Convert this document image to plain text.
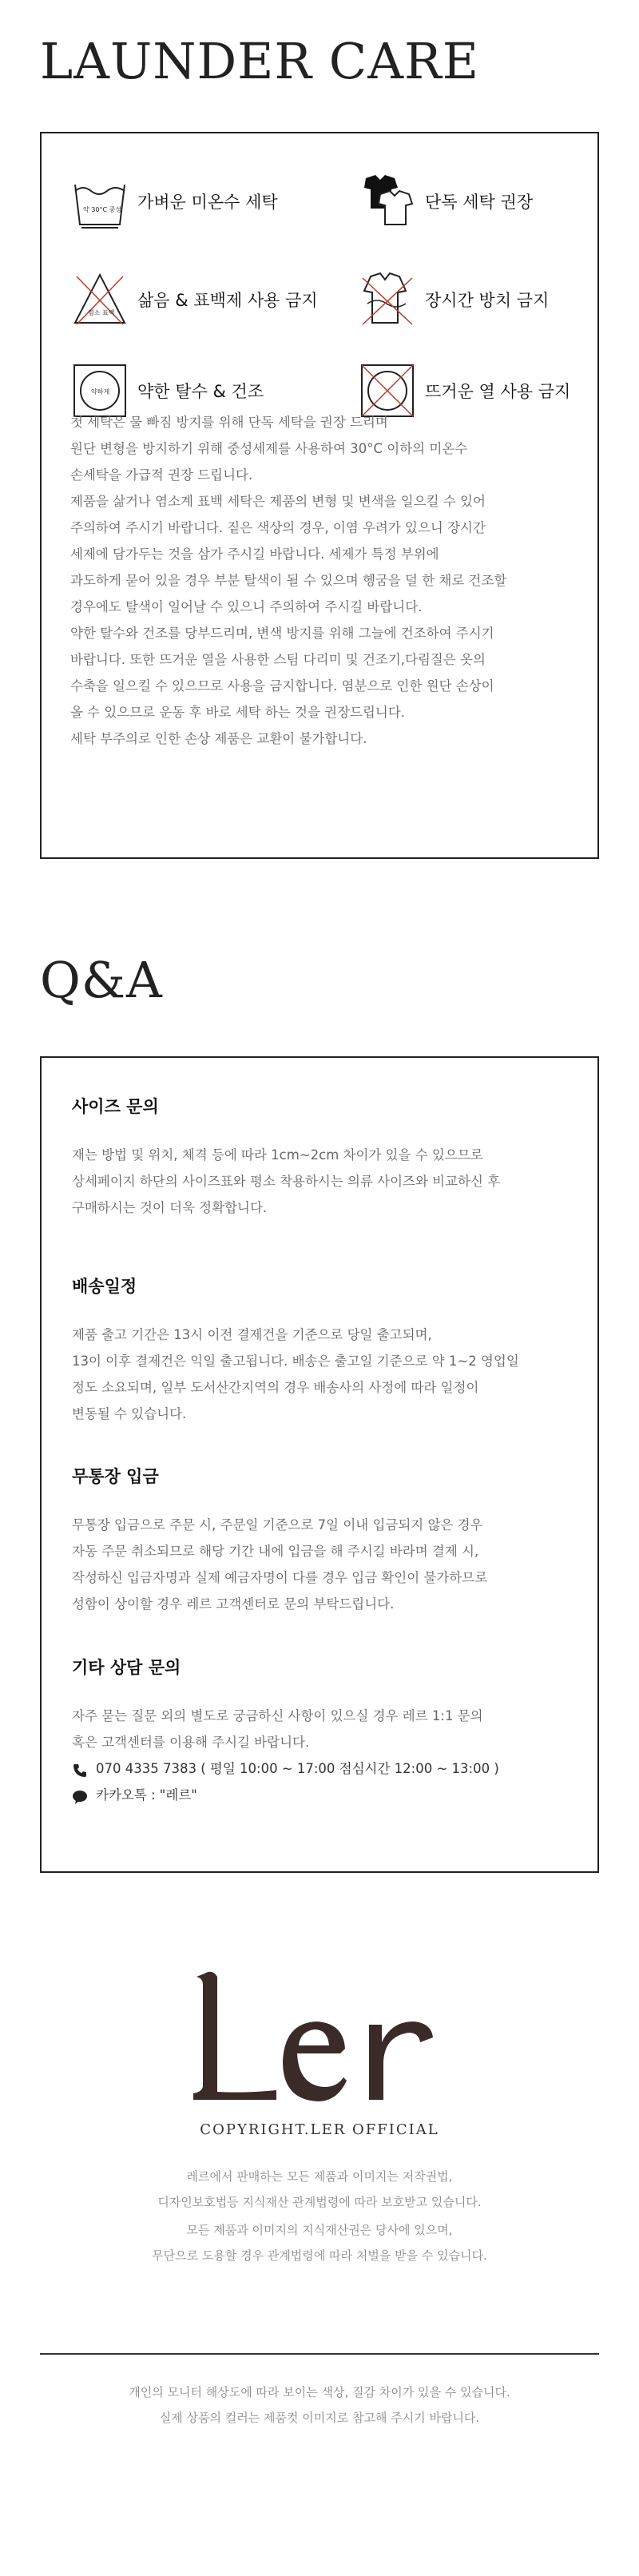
LAUNDER CARE
약 30°C 중성 가벼운 미온수 세탁	단독 세탁 권장
염소 표백
삶음 & 표백제 사용 금지	장시간 방치 금지
약하게 약한 탈수 & 건조	뜨거운 열 사용 금지

첫 세탁은 물 빠짐 방지를 위해 단독 세탁을 권장 드리며

원단 변형을 방지하기 위해 중성세제를 사용하여 30°C 이하의 미온수

손세탁을 가급적 권장 드립니다.

제품을 삶거나 염소계 표백 세탁은 제품의 변형 및 변색을 일으킬 수 있어

주의하여 주시기 바랍니다. 짙은 색상의 경우, 이염 우려가 있으니 장시간

세제에 담가두는 것을 삼가 주시길 바랍니다. 세제가 특정 부위에

과도하게 묻어 있을 경우 부분 탈색이 될 수 있으며 헹굼을 덜 한 채로 건조할

경우에도 탈색이 일어날 수 있으니 주의하여 주시길 바랍니다.

약한 탈수와 건조를 당부드리며, 변색 방지를 위해 그늘에 건조하여 주시기

바랍니다. 또한 뜨거운 열을 사용한 스팀 다리미 및 건조기,다림질은 옷의

수축을 일으킬 수 있으므로 사용을 금지합니다. 염분으로 인한 원단 손상이

올 수 있으므로 운동 후 바로 세탁 하는 것을 권장드립니다.

세탁 부주의로 인한 손상 제품은 교환이 불가합니다.

Q&A
사이즈 문의

재는 방법 및 위치, 체격 등에 따라 1cm~2cm 차이가 있을 수 있으므로

상세페이지 하단의 사이즈표와 평소 착용하시는 의류 사이즈와 비교하신 후

구매하시는 것이 더욱 정확합니다.

배송일정

제품 출고 기간은 13시 이전 결제건을 기준으로 당일 출고되며,

13이 이후 결제건은 익일 출고됩니다. 배송은 출고일 기준으로 약 1~2 영업일

정도 소요되며, 일부 도서산간지역의 경우 배송사의 사정에 따라 일정이

변동될 수 있습니다.

무통장 입금

무통장 입금으로 주문 시, 주문일 기준으로 7일 이내 입금되지 않은 경우

자동 주문 취소되므로 해당 기간 내에 입금을 해 주시길 바라며 결제 시,

작성하신 입금자명과 실제 예금자명이 다를 경우 입금 확인이 불가하므로

성함이 상이할 경우 레르 고객센터로 문의 부탁드립니다.

기타 상담 문의

자주 묻는 질문 외의 별도로 궁금하신 사항이 있으실 경우 레르 1:1 문의

혹은 고객센터를 이용해 주시길 바랍니다.

070 4335 7383 ( 평일 10:00 ~ 17:00 점심시간 12:00 ~ 13:00 )
카카오톡 : "레르"
COPYRIGHT.LER OFFICIAL

레르에서 판매하는 모든 제품과 이미지는 저작권법,

디자인보호법등 지식재산 관계법령에 따라 보호받고 있습니다.

모든 제품과 이미지의 지식재산권은 당사에 있으며,

무단으로 도용할 경우 관계법령에 따라 처벌을 받을 수 있습니다.

개인의 모니터 해상도에 따라 보이는 색상, 질감 차이가 있을 수 있습니다.

실제 상품의 컬러는 제품컷 이미지로 참고해 주시기 바랍니다.
